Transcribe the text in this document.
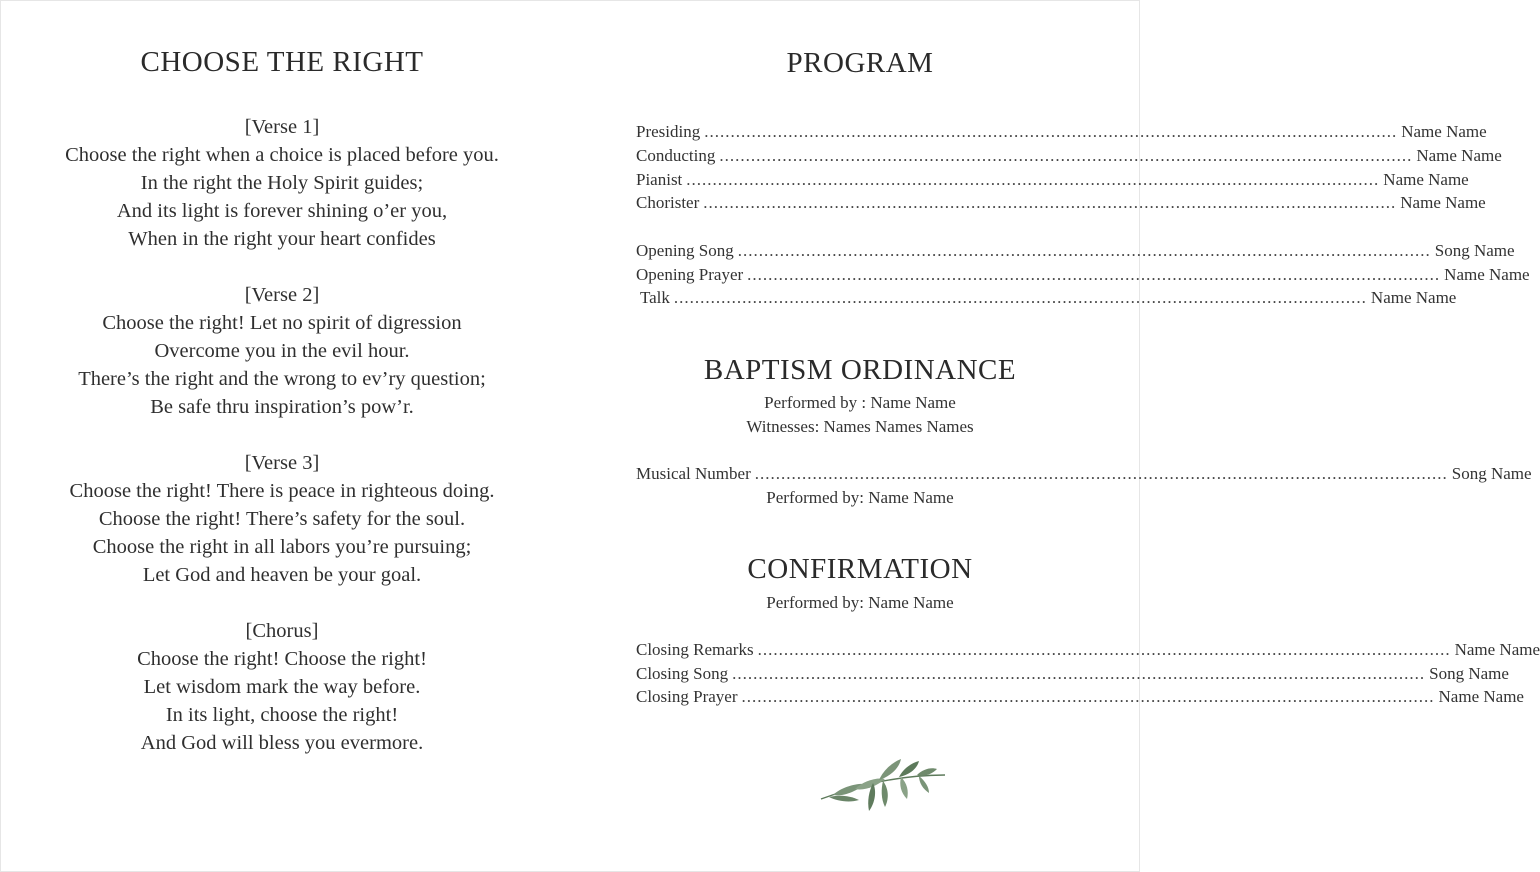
CHOOSE THE RIGHT
[Verse 1]
Choose the right when a choice is placed before you.
In the right the Holy Spirit guides;
And its light is forever shining o’er you,
When in the right your heart confides
[Verse 2]
Choose the right! Let no spirit of digression
Overcome you in the evil hour.
There’s the right and the wrong to ev’ry question;
Be safe thru inspiration’s pow’r.
[Verse 3]
Choose the right! There is peace in righteous doing.
Choose the right! There’s safety for the soul.
Choose the right in all labors you’re pursuing;
Let God and heaven be your goal.
[Chorus]
Choose the right! Choose the right!
Let wisdom mark the way before.
In its light, choose the right!
And God will bless you evermore.
PROGRAM
Presiding .................................................................................................................................... Name Name
Conducting .................................................................................................................................... Name Name
Pianist .................................................................................................................................... Name Name
Chorister .................................................................................................................................... Name Name
Opening Song .................................................................................................................................... Song Name
Opening Prayer .................................................................................................................................... Name Name
Talk .................................................................................................................................... Name Name
BAPTISM ORDINANCE
Performed by : Name Name
Witnesses: Names Names Names
Musical Number .................................................................................................................................... Song Name
Performed by: Name Name
CONFIRMATION
Performed by: Name Name
Closing Remarks .................................................................................................................................... Name Name
Closing Song .................................................................................................................................... Song Name
Closing Prayer .................................................................................................................................... Name Name
